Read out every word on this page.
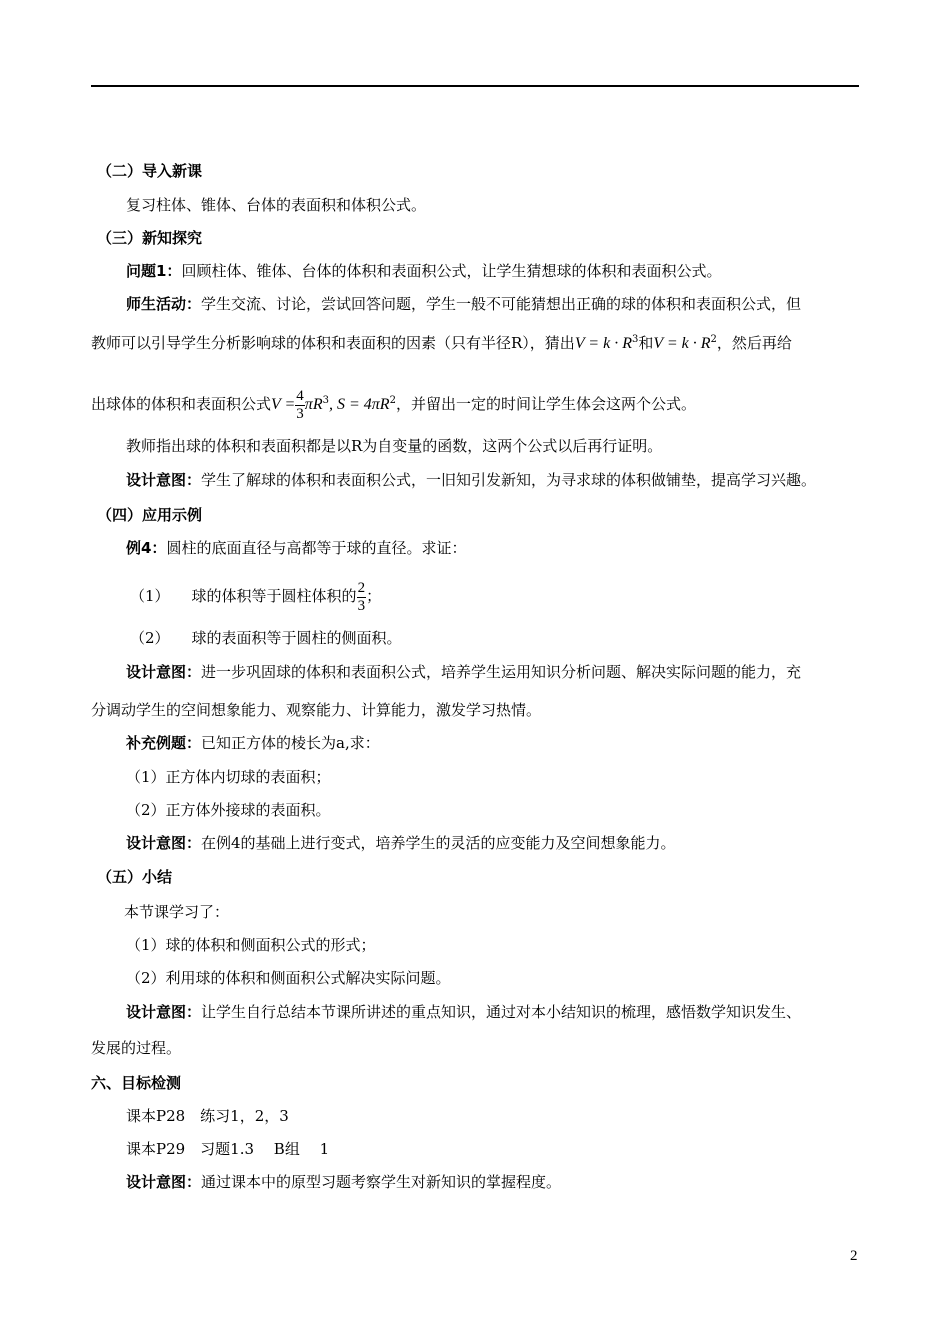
（二）导入新课
复习柱体、锥体、台体的表面积和体积公式。
（三）新知探究
问题1：回顾柱体、锥体、台体的体积和表面积公式，让学生猜想球的体积和表面积公式。
师生活动：学生交流、讨论，尝试回答问题，学生一般不可能猜想出正确的球的体积和表面积公式，但
教师可以引导学生分析影响球的体积和表面积的因素（只有半径R），猜出$V = k \cdot R^3$和$V = k \cdot R^2$，然后再给
出球体的体积和表面积公式$V = \frac{4}{3} \pi R^3$, $S = 4\pi R^2$，并留出一定的时间让学生体会这两个公式。
教师指出球的体积和表面积都是以R为自变量的函数，这两个公式以后再行证明。
设计意图：学生了解球的体积和表面积公式，一旧知引发新知，为寻求球的体积做铺垫，提高学习兴趣。
（四）应用示例
例4：圆柱的底面直径与高都等于球的直径。求证：
（1） 球的体积等于圆柱体积的 $\frac{2}{3}$ ；
（2） 球的表面积等于圆柱的侧面积。
设计意图：进一步巩固球的体积和表面积公式，培养学生运用知识分析问题、解决实际问题的能力，充
分调动学生的空间想象能力、观察能力、计算能力，激发学习热情。
补充例题：已知正方体的棱长为a,求：
（1）正方体内切球的表面积；
（2）正方体外接球的表面积。
设计意图：在例4的基础上进行变式，培养学生的灵活的应变能力及空间想象能力。
（五）小结
本节课学习了：
（1）球的体积和侧面积公式的形式；
（2）利用球的体积和侧面积公式解决实际问题。
设计意图：让学生自行总结本节课所讲述的重点知识，通过对本小结知识的梳理，感悟数学知识发生、
发展的过程。
六、目标检测
课本P28　练习1，2，3
课本P29　习题1.3　 B组　 1
设计意图：通过课本中的原型习题考察学生对新知识的掌握程度。
2
